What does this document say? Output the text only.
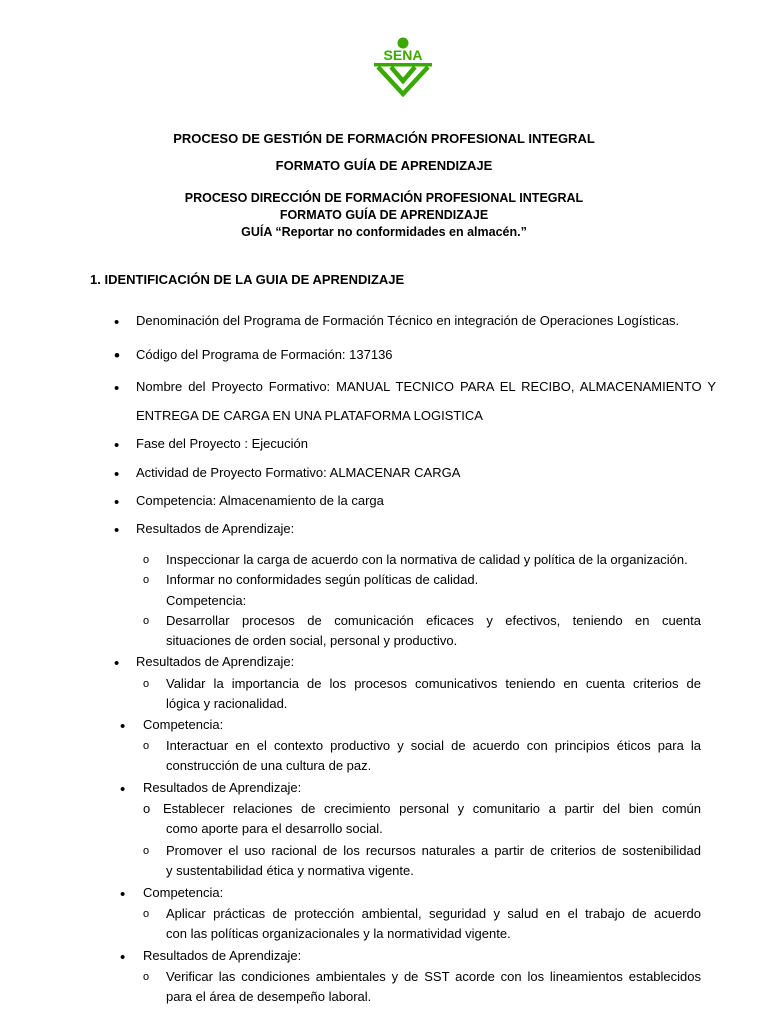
SENA
PROCESO DE GESTIÓN DE FORMACIÓN PROFESIONAL INTEGRAL
FORMATO GUÍA DE APRENDIZAJE
PROCESO DIRECCIÓN DE FORMACIÓN PROFESIONAL INTEGRAL
FORMATO GUÍA DE APRENDIZAJE
GUÍA “Reportar no conformidades en almacén.”
1. IDENTIFICACIÓN DE LA GUIA DE APRENDIZAJE
• Denominación del Programa de Formación Técnico en integración de Operaciones Logísticas.
• Código del Programa de Formación: 137136
• Nombre del Proyecto Formativo: MANUAL TECNICO PARA EL RECIBO, ALMACENAMIENTO Y
ENTREGA DE CARGA EN UNA PLATAFORMA LOGISTICA
• Fase del Proyecto : Ejecución
• Actividad de Proyecto Formativo: ALMACENAR CARGA
• Competencia: Almacenamiento de la carga
• Resultados de Aprendizaje:
o Inspeccionar la carga de acuerdo con la normativa de calidad y política de la organización.
o Informar no conformidades según políticas de calidad.
Competencia:
o Desarrollar procesos de comunicación eficaces y efectivos, teniendo en cuenta
situaciones de orden social, personal y productivo.
• Resultados de Aprendizaje:
o Validar la importancia de los procesos comunicativos teniendo en cuenta criterios de
lógica y racionalidad.
• Competencia:
o Interactuar en el contexto productivo y social de acuerdo con principios éticos para la
construcción de una cultura de paz.
• Resultados de Aprendizaje:
o Establecer relaciones de crecimiento personal y comunitario a partir del bien común
como aporte para el desarrollo social.
o Promover el uso racional de los recursos naturales a partir de criterios de sostenibilidad
y sustentabilidad ética y normativa vigente.
• Competencia:
o Aplicar prácticas de protección ambiental, seguridad y salud en el trabajo de acuerdo
con las políticas organizacionales y la normatividad vigente.
• Resultados de Aprendizaje:
o Verificar las condiciones ambientales y de SST acorde con los lineamientos establecidos
para el área de desempeño laboral.
